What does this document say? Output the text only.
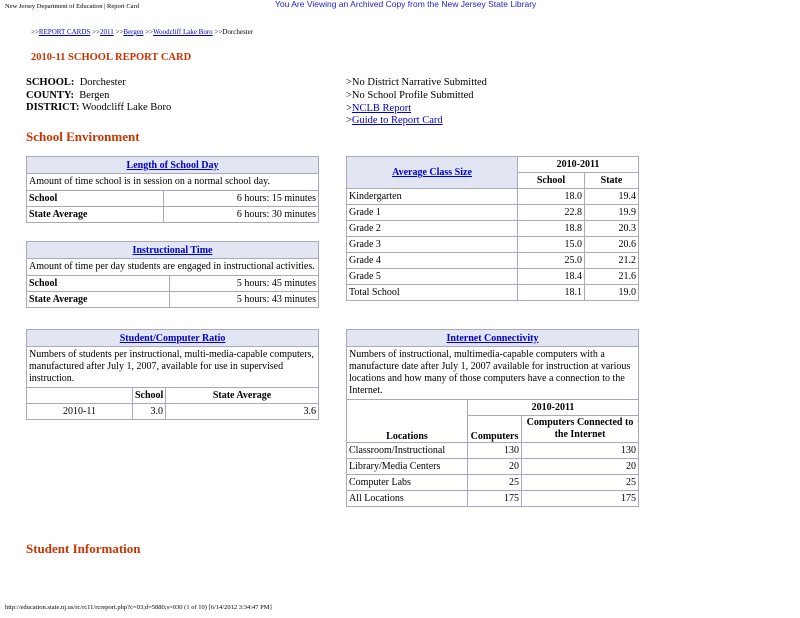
New Jersey Department of Education | Report Card	You Are Viewing an Archived Copy from the New Jersey State Library
>>REPORT CARDS >>2011 >>Bergen >>Woodcliff Lake Boro >>Dorchester
2010-11 SCHOOL REPORT CARD
SCHOOL: Dorchester
COUNTY: Bergen
DISTRICT: Woodcliff Lake Boro
>No District Narrative Submitted
>No School Profile Submitted
>NCLB Report
>Guide to Report Card
School Environment
Length of School Day	
Amount of time school is in session on a normal school day.	
School	6 hours: 15 minutes
State Average	6 hours: 30 minutes
Instructional Time	
Amount of time per day students are engaged in instructional activities.	
School	5 hours: 45 minutes
State Average	5 hours: 43 minutes
Student/Computer Ratio		
Numbers of students per instructional, multi-media-capable computers, manufactured after July 1, 2007, available for use in supervised instruction.		
	School	State Average
2010-11	3.0	3.6
Average Class Size	2010-2011	
	School	State
Kindergarten	18.0	19.4
Grade 1	22.8	19.9
Grade 2	18.8	20.3
Grade 3	15.0	20.6
Grade 4	25.0	21.2
Grade 5	18.4	21.6
Total School	18.1	19.0
Internet Connectivity		
Numbers of instructional, multimedia-capable computers with a manufacture date after July 1, 2007 available for instruction at various locations and how many of those computers have a connection to the Internet.		
Locations	2010-2011	
	Computers	Computers Connected to the Internet
Classroom/Instructional	130	130
Library/Media Centers	20	20
Computer Labs	25	25
All Locations	175	175
Student Information
http://education.state.nj.us/rc/rc11/rcreport.php?c=03;d=5880;s=030 (1 of 10) [6/14/2012 3:34:47 PM]
